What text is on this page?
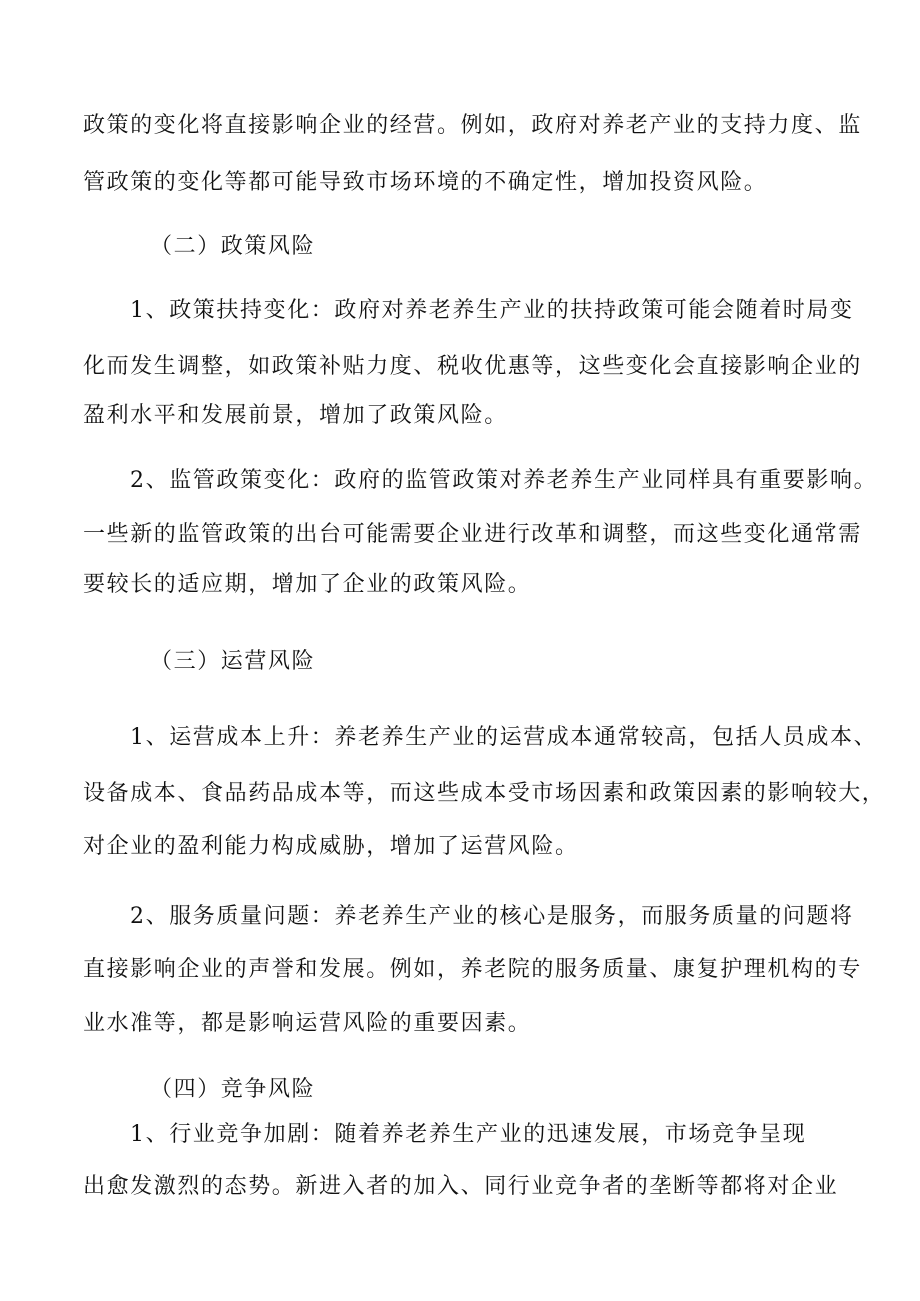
政策的变化将直接影响企业的经营。例如，政府对养老产业的支持力度、监
管政策的变化等都可能导致市场环境的不确定性，增加投资风险。
（二）政策风险
1、政策扶持变化：政府对养老养生产业的扶持政策可能会随着时局变
化而发生调整，如政策补贴力度、税收优惠等，这些变化会直接影响企业的
盈利水平和发展前景，增加了政策风险。
2、监管政策变化：政府的监管政策对养老养生产业同样具有重要影响。
一些新的监管政策的出台可能需要企业进行改革和调整，而这些变化通常需
要较长的适应期，增加了企业的政策风险。
（三）运营风险
1、运营成本上升：养老养生产业的运营成本通常较高，包括人员成本、
设备成本、食品药品成本等，而这些成本受市场因素和政策因素的影响较大，
对企业的盈利能力构成威胁，增加了运营风险。
2、服务质量问题：养老养生产业的核心是服务，而服务质量的问题将
直接影响企业的声誉和发展。例如，养老院的服务质量、康复护理机构的专
业水准等，都是影响运营风险的重要因素。
（四）竞争风险
1、行业竞争加剧：随着养老养生产业的迅速发展，市场竞争呈现
出愈发激烈的态势。新进入者的加入、同行业竞争者的垄断等都将对企业
